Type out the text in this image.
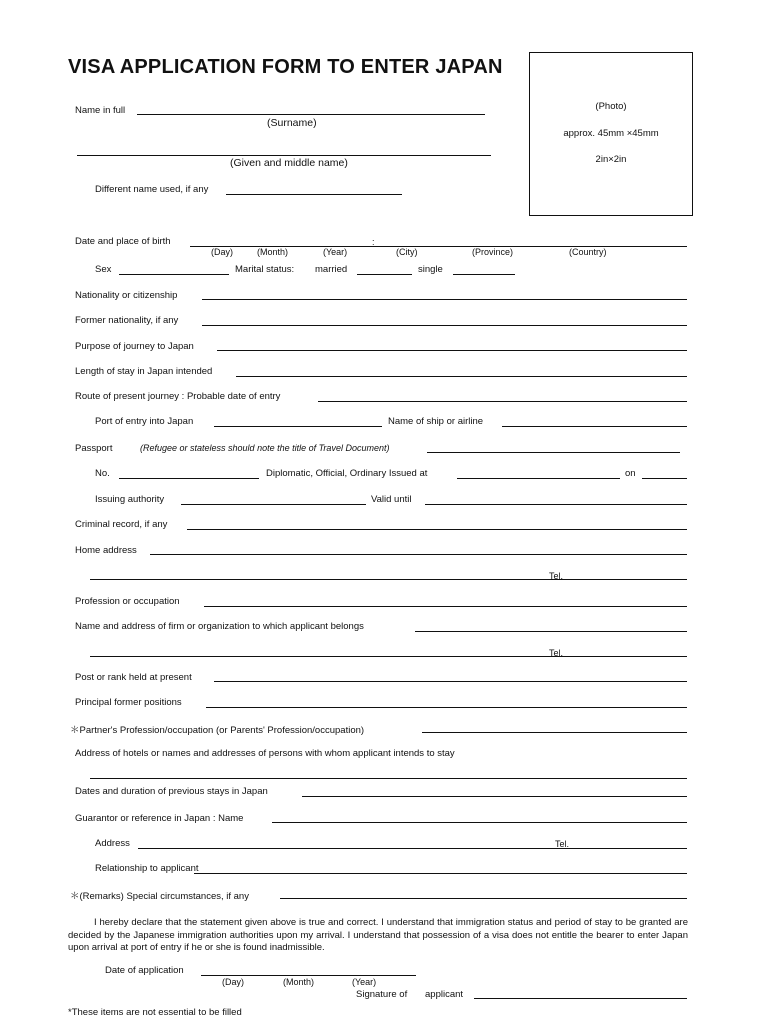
VISA APPLICATION FORM TO ENTER JAPAN
(Photo)
approx. 45mm ×45mm
2in×2in
Name in full
(Surname)
(Given and middle name)
Different name used, if any
Date and place of birth	:
(Day)	(Month)	(Year)	(City)	(Province)	(Country)
Sex	Marital status: married	single
Nationality or citizenship
Former nationality, if any
Purpose of journey to Japan
Length of stay in Japan intended
Route of present journey : Probable date of entry
Port of entry into Japan	Name of ship or airline
Passport	(Refugee or stateless should note the title of Travel Document)
No.	Diplomatic, Official, Ordinary Issued at	on
Issuing authority	Valid until
Criminal record, if any
Home address
Tel.
Profession or occupation
Name and address of firm or organization to which applicant belongs
Tel.
Post or rank held at present
Principal former positions
＊Partner's Profession/occupation (or Parents' Profession/occupation)
Address of hotels or names and addresses of persons with whom applicant intends to stay
Dates and duration of previous stays in Japan
Guarantor or reference in Japan : Name
Address	Tel.
Relationship to applicant
＊(Remarks) Special circumstances, if any
I hereby declare that the statement given above is true and correct. I understand that immigration status and period of stay to be granted are decided by the Japanese immigration authorities upon my arrival. I understand that possession of a visa does not entitle the bearer to enter Japan upon arrival at port of entry if he or she is found inadmissible.
Date of application
(Day)	(Month)	(Year)
Signature of applicant
*These items are not essential to be filled
